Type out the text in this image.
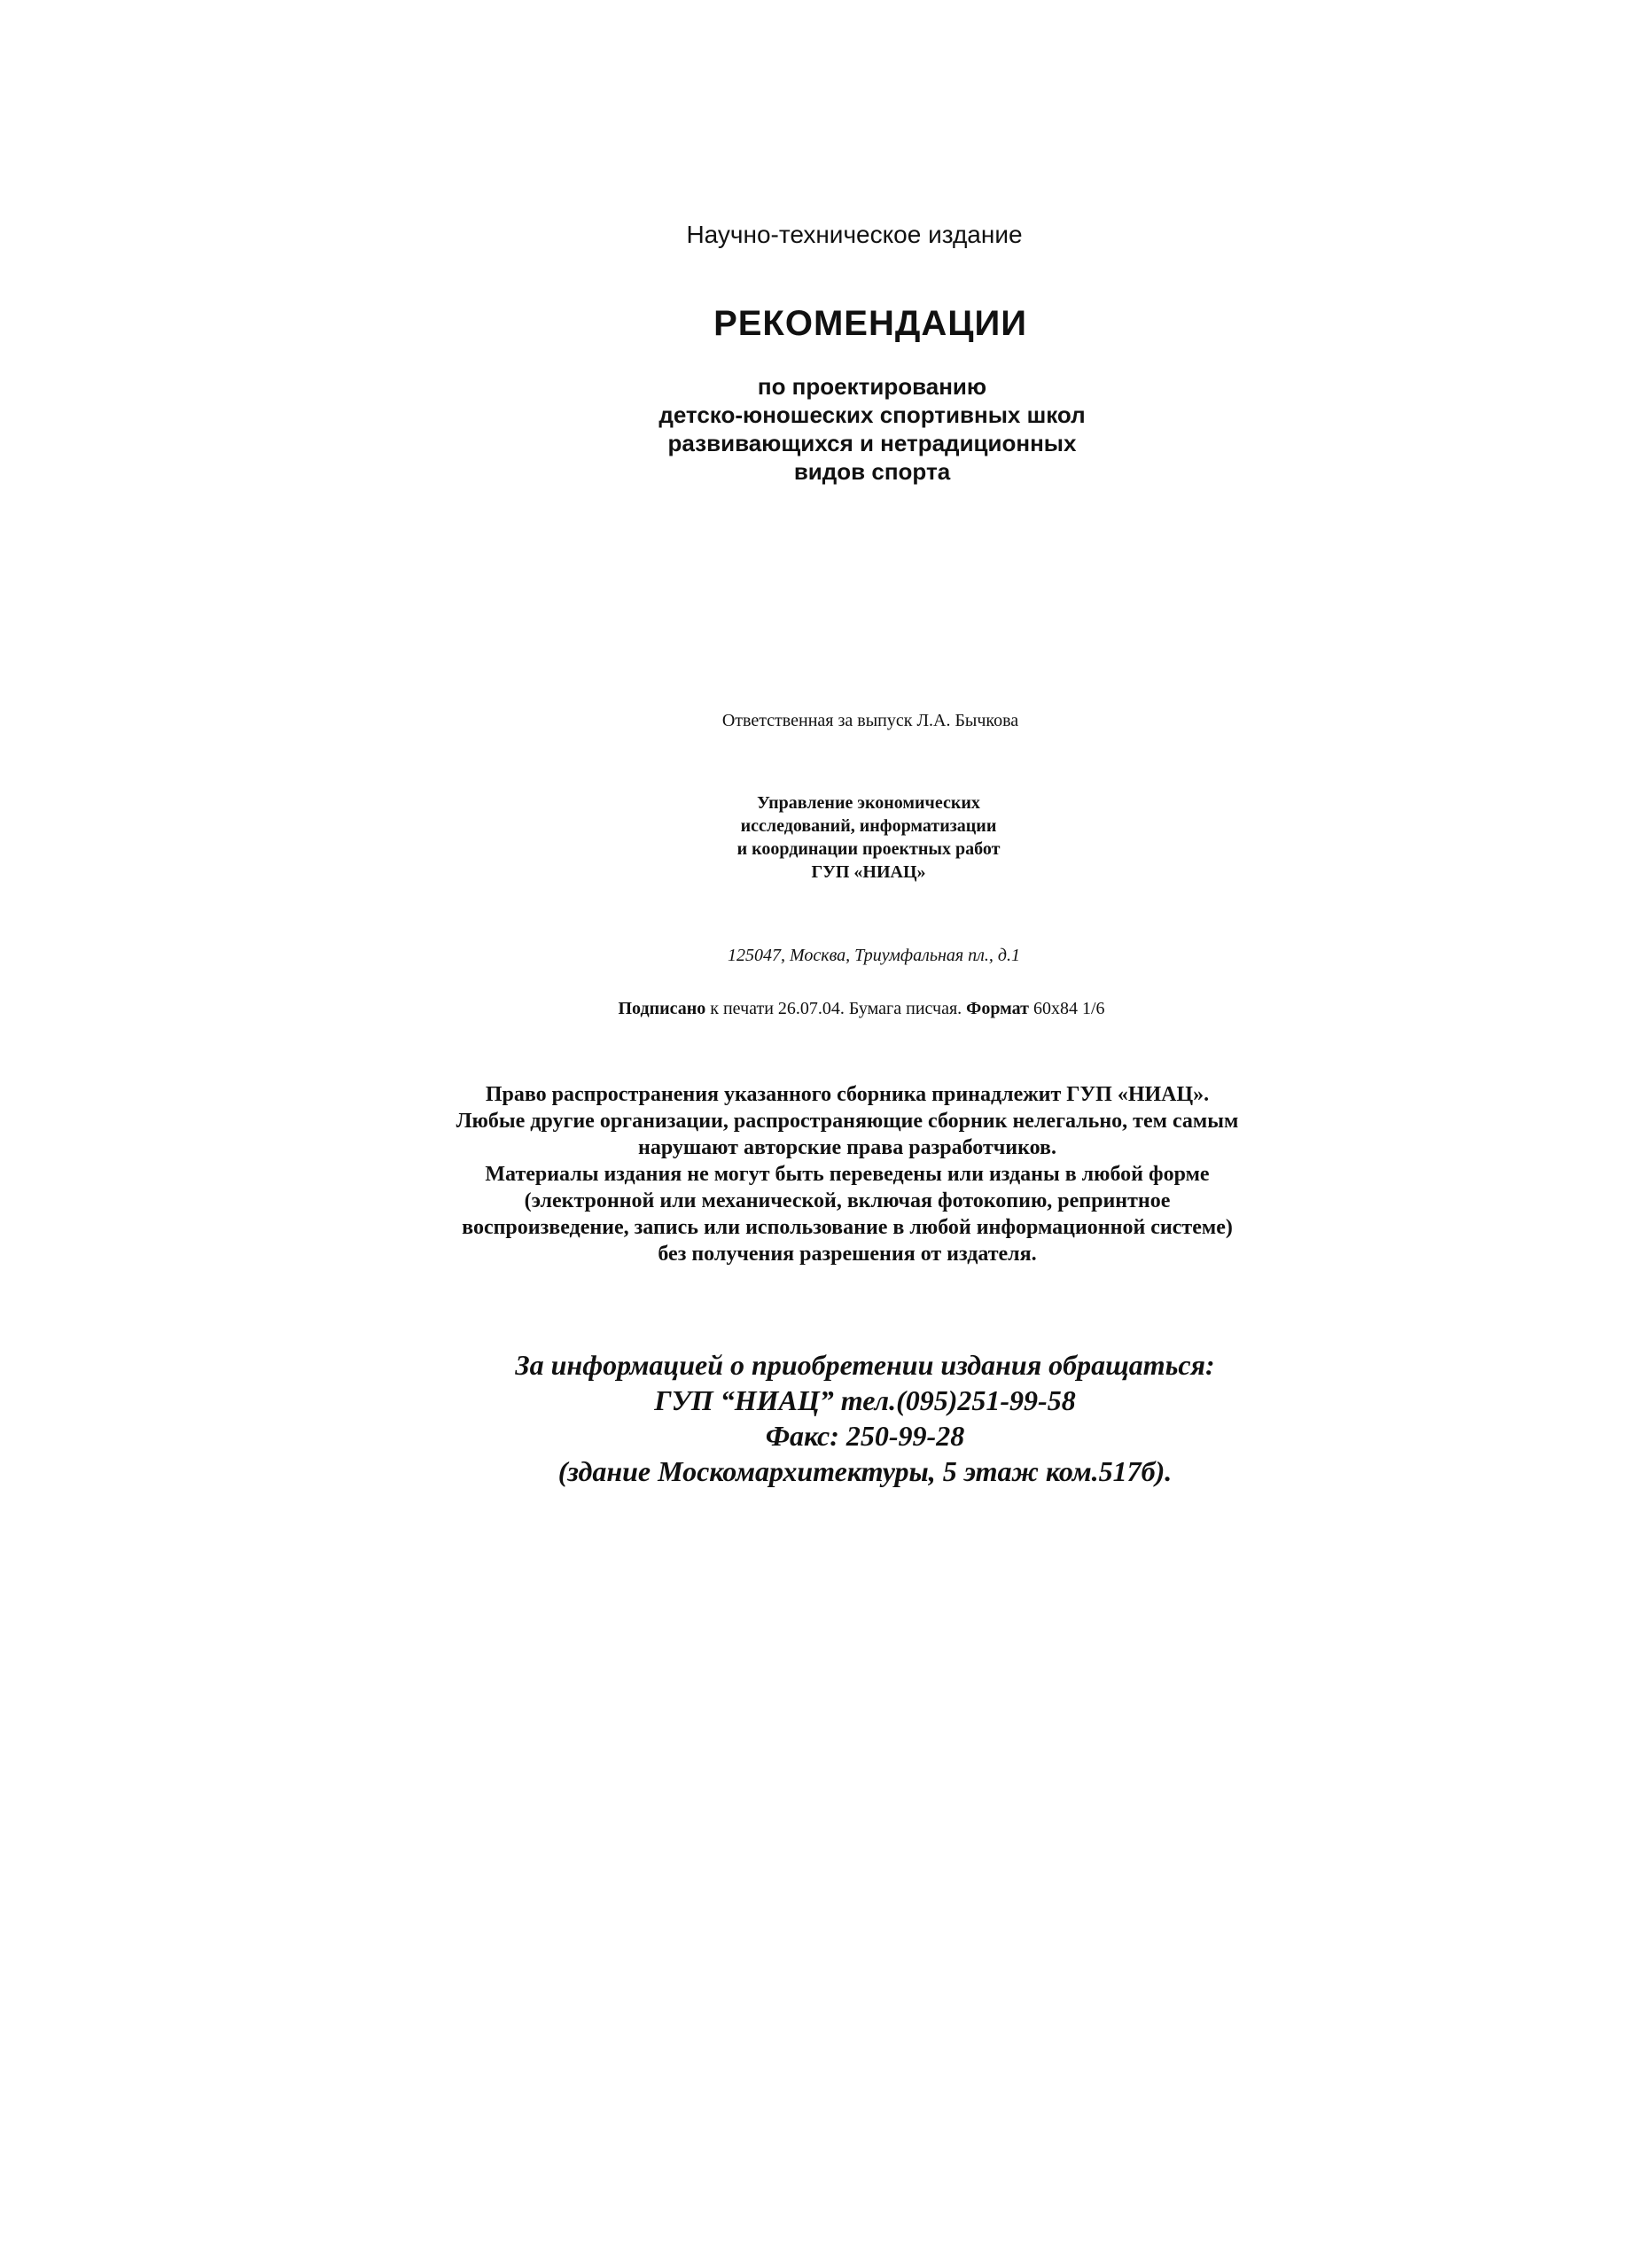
Научно-техническое издание
РЕКОМЕНДАЦИИ
по проектированию
детско-юношеских спортивных школ
развивающихся и нетрадиционных
видов спорта
Ответственная за выпуск Л.А. Бычкова
Управление экономических
исследований, информатизации
и координации проектных работ
ГУП «НИАЦ»
125047, Москва, Триумфальная пл., д.1
Подписано к печати 26.07.04. Бумага писчая. Формат 60x84 1/6
Право распространения указанного сборника принадлежит ГУП «НИАЦ».
Любые другие организации, распространяющие сборник нелегально, тем самым
нарушают авторские права разработчиков.
Материалы издания не могут быть переведены или изданы в любой форме
(электронной или механической, включая фотокопию, репринтное
воспроизведение, запись или использование в любой информационной системе)
без получения разрешения от издателя.
За информацией о приобретении издания обращаться:
ГУП “НИАЦ” тел.(095)251-99-58
Факс: 250-99-28
(здание Москомархитектуры, 5 этаж ком.517б).
